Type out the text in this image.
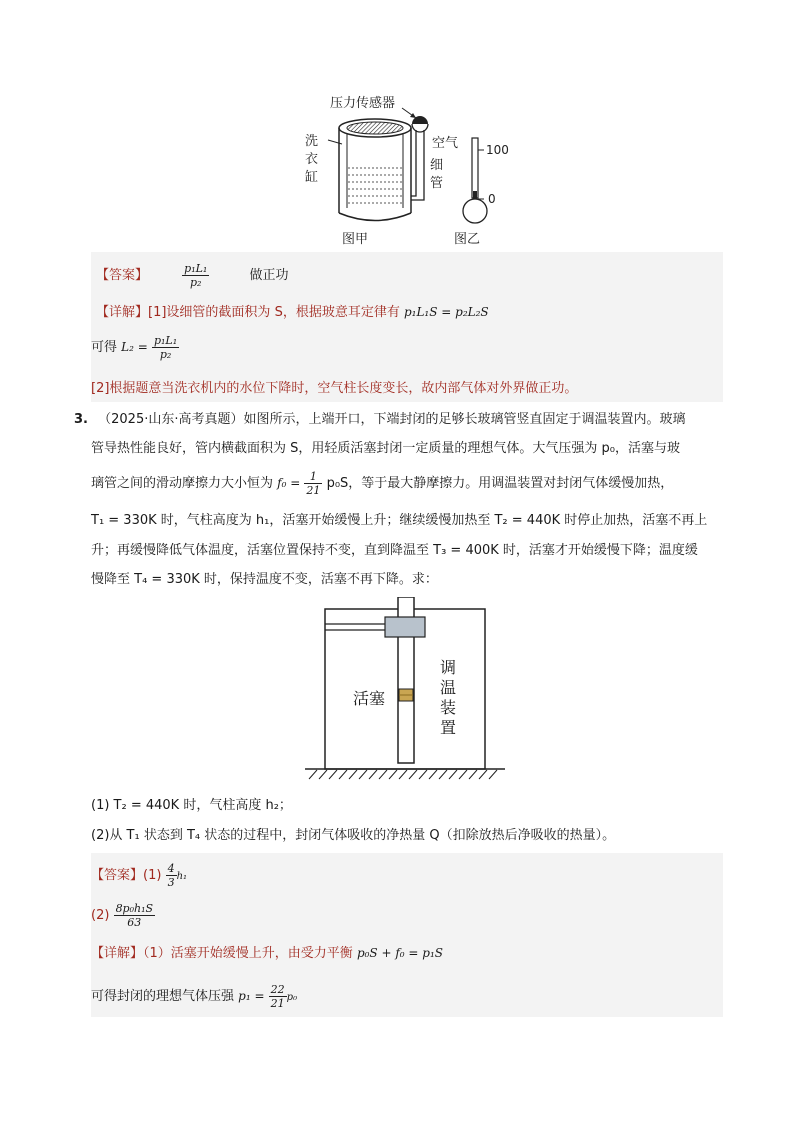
压力传感器
空气
洗
衣
缸
细
管
100
0
图甲	图乙
【答案】	$\frac{\text{p₁L₁}}{\text{p₂}}$	做正功
【详解】[1]设细管的截面积为 S，根据玻意耳定律有 p₁L₁S = p₂L₂S
可得 $L_2 = \frac{\text{p₁L₁}}{\text{p₂}}$
[2]根据题意当洗衣机内的水位下降时，空气柱长度变长，故内部气体对外界做正功。
3. （2025·山东·高考真题）如图所示，上端开口，下端封闭的足够长玻璃管竖直固定于调温装置内。玻璃
管导热性能良好，管内横截面积为 S，用轻质活塞封闭一定质量的理想气体。大气压强为 p₀，活塞与玻
璃管之间的滑动摩擦力大小恒为 $f_0 = \frac{1}{21} p_0S$，等于最大静摩擦力。用调温装置对封闭气体缓慢加热，
T₁ = 330K 时，气柱高度为 h₁，活塞开始缓慢上升；继续缓慢加热至 T₂ = 440K 时停止加热，活塞不再上
升；再缓慢降低气体温度，活塞位置保持不变，直到降温至 T₃ = 400K 时，活塞才开始缓慢下降；温度缓
慢降至 T₄ = 330K 时，保持温度不变，活塞不再下降。求：
活塞
调
温
装
置
(1) T₂ = 440K 时，气柱高度 h₂；
(2)从 T₁ 状态到 T₄ 状态的过程中，封闭气体吸收的净热量 Q（扣除放热后净吸收的热量）。
【答案】$(1) \frac{4}{3} h_1$
$(2) \frac{\text{8p₀h₁S}}{63}$
【详解】（1）活塞开始缓慢上升，由受力平衡 p₀S + f₀ = p₁S
可得封闭的理想气体压强 $p_1 = \frac{22}{21} p_0$
